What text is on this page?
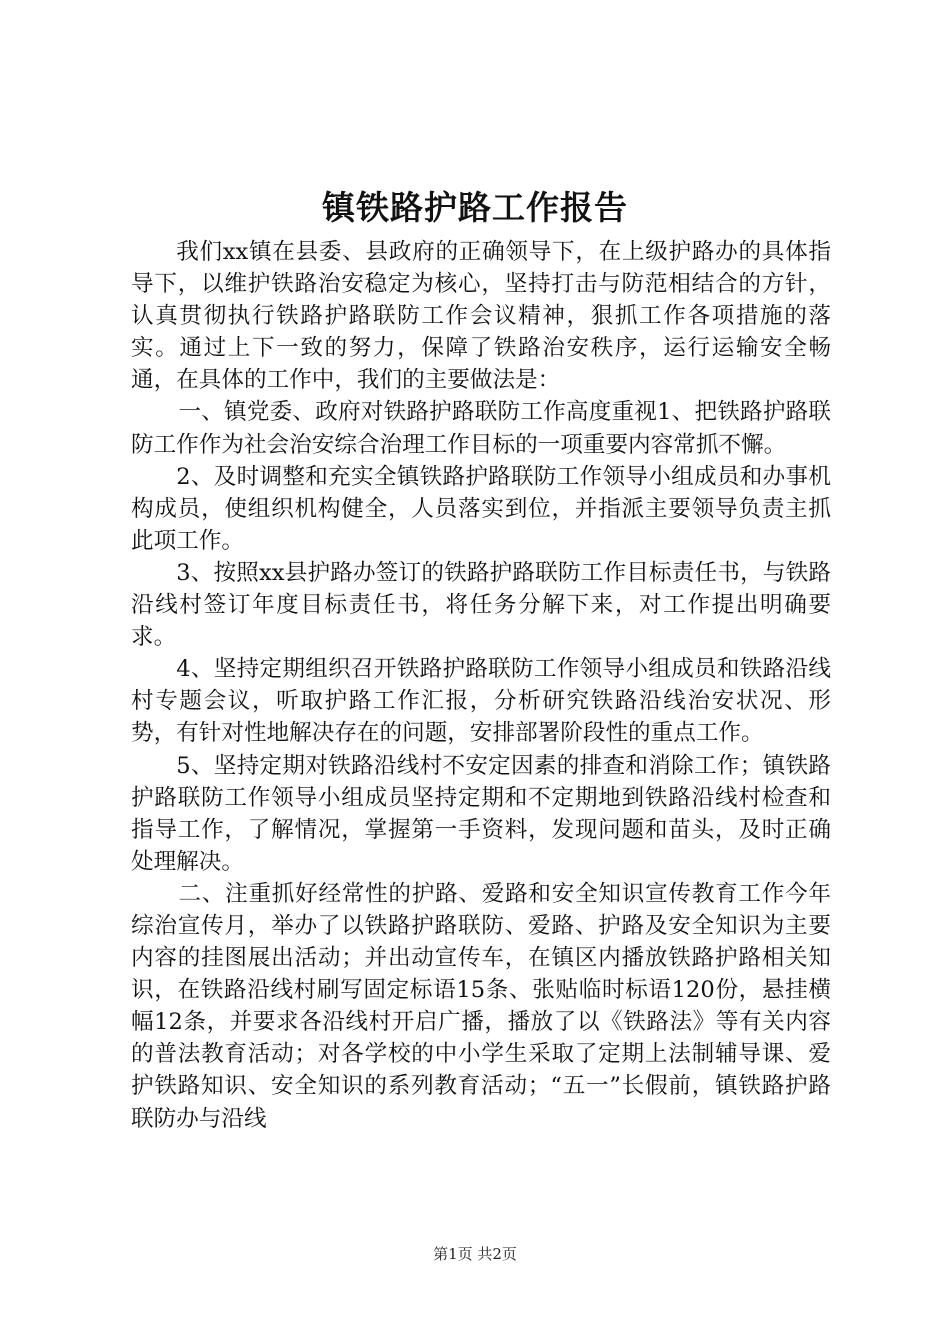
镇铁路护路工作报告

我们xx镇在县委、县政府的正确领导下，在上级护路办的具体指导下，以维护铁路治安稳定为核心，坚持打击与防范相结合的方针，认真贯彻执行铁路护路联防工作会议精神，狠抓工作各项措施的落实。通过上下一致的努力，保障了铁路治安秩序，运行运输安全畅通，在具体的工作中，我们的主要做法是：

一、镇党委、政府对铁路护路联防工作高度重视1、把铁路护路联防工作作为社会治安综合治理工作目标的一项重要内容常抓不懈。

2、及时调整和充实全镇铁路护路联防工作领导小组成员和办事机构成员，使组织机构健全，人员落实到位，并指派主要领导负责主抓此项工作。

3、按照xx县护路办签订的铁路护路联防工作目标责任书，与铁路沿线村签订年度目标责任书，将任务分解下来，对工作提出明确要求。

4、坚持定期组织召开铁路护路联防工作领导小组成员和铁路沿线村专题会议，听取护路工作汇报，分析研究铁路沿线治安状况、形势，有针对性地解决存在的问题，安排部署阶段性的重点工作。

5、坚持定期对铁路沿线村不安定因素的排查和消除工作；镇铁路护路联防工作领导小组成员坚持定期和不定期地到铁路沿线村检查和指导工作，了解情况，掌握第一手资料，发现问题和苗头，及时正确处理解决。

二、注重抓好经常性的护路、爱路和安全知识宣传教育工作今年综治宣传月，举办了以铁路护路联防、爱路、护路及安全知识为主要内容的挂图展出活动；并出动宣传车，在镇区内播放铁路护路相关知识，在铁路沿线村刷写固定标语15条、张贴临时标语120份，悬挂横幅12条，并要求各沿线村开启广播，播放了以《铁路法》等有关内容的普法教育活动；对各学校的中小学生采取了定期上法制辅导课、爱护铁路知识、安全知识的系列教育活动；“五一”长假前，镇铁路护路联防办与沿线

第1页 共2页
